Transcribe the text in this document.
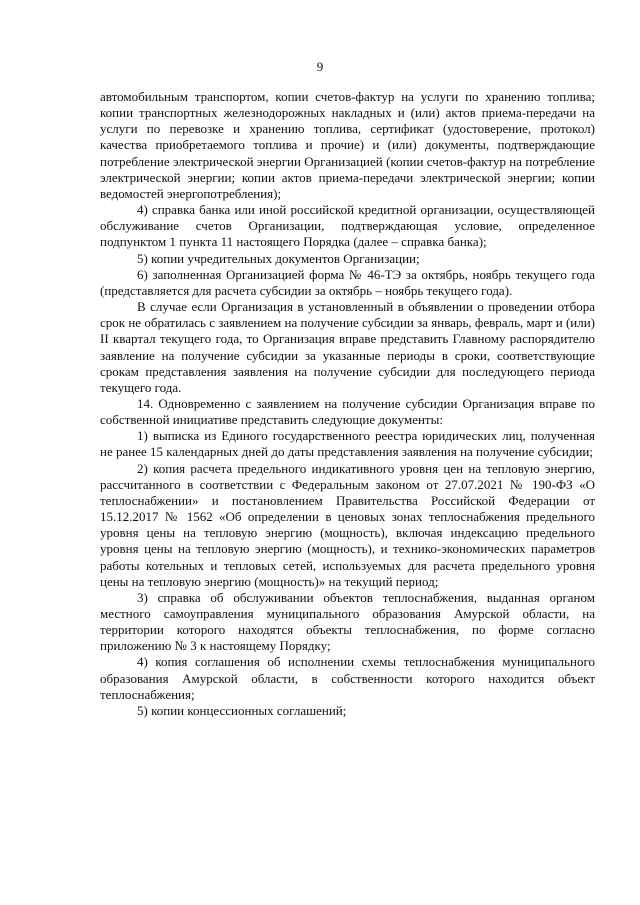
9

автомобильным транспортом, копии счетов-фактур на услуги по хранению топлива; копии транспортных железнодорожных накладных и (или) актов приема-передачи на услуги по перевозке и хранению топлива, сертификат (удостоверение, протокол) качества приобретаемого топлива и прочие) и (или) документы, подтверждающие потребление электрической энергии Организацией (копии счетов-фактур на потребление электрической энергии; копии актов приема-передачи электрической энергии; копии ведомостей энергопотребления);

4) справка банка или иной российской кредитной организации, осуществляющей обслуживание счетов Организации, подтверждающая условие, определенное подпунктом 1 пункта 11 настоящего Порядка (далее – справка банка);

5) копии учредительных документов Организации;

6) заполненная Организацией форма № 46-ТЭ за октябрь, ноябрь текущего года (представляется для расчета субсидии за октябрь – ноябрь текущего года).

В случае если Организация в установленный в объявлении о проведении отбора срок не обратилась с заявлением на получение субсидии за январь, февраль, март и (или) II квартал текущего года, то Организация вправе представить Главному распорядителю заявление на получение субсидии за указанные периоды в сроки, соответствующие срокам представления заявления на получение субсидии для последующего периода текущего года.

14. Одновременно с заявлением на получение субсидии Организация вправе по собственной инициативе представить следующие документы:

1) выписка из Единого государственного реестра юридических лиц, полученная не ранее 15 календарных дней до даты представления заявления на получение субсидии;

2) копия расчета предельного индикативного уровня цен на тепловую энергию, рассчитанного в соответствии с Федеральным законом от 27.07.2021 № 190-ФЗ «О теплоснабжении» и постановлением Правительства Российской Федерации от 15.12.2017 № 1562 «Об определении в ценовых зонах теплоснабжения предельного уровня цены на тепловую энергию (мощность), включая индексацию предельного уровня цены на тепловую энергию (мощность), и технико-экономических параметров работы котельных и тепловых сетей, используемых для расчета предельного уровня цены на тепловую энергию (мощность)» на текущий период;

3) справка об обслуживании объектов теплоснабжения, выданная органом местного самоуправления муниципального образования Амурской области, на территории которого находятся объекты теплоснабжения, по форме согласно приложению № 3 к настоящему Порядку;

4) копия соглашения об исполнении схемы теплоснабжения муниципального образования Амурской области, в собственности которого находится объект теплоснабжения;

5) копии концессионных соглашений;
